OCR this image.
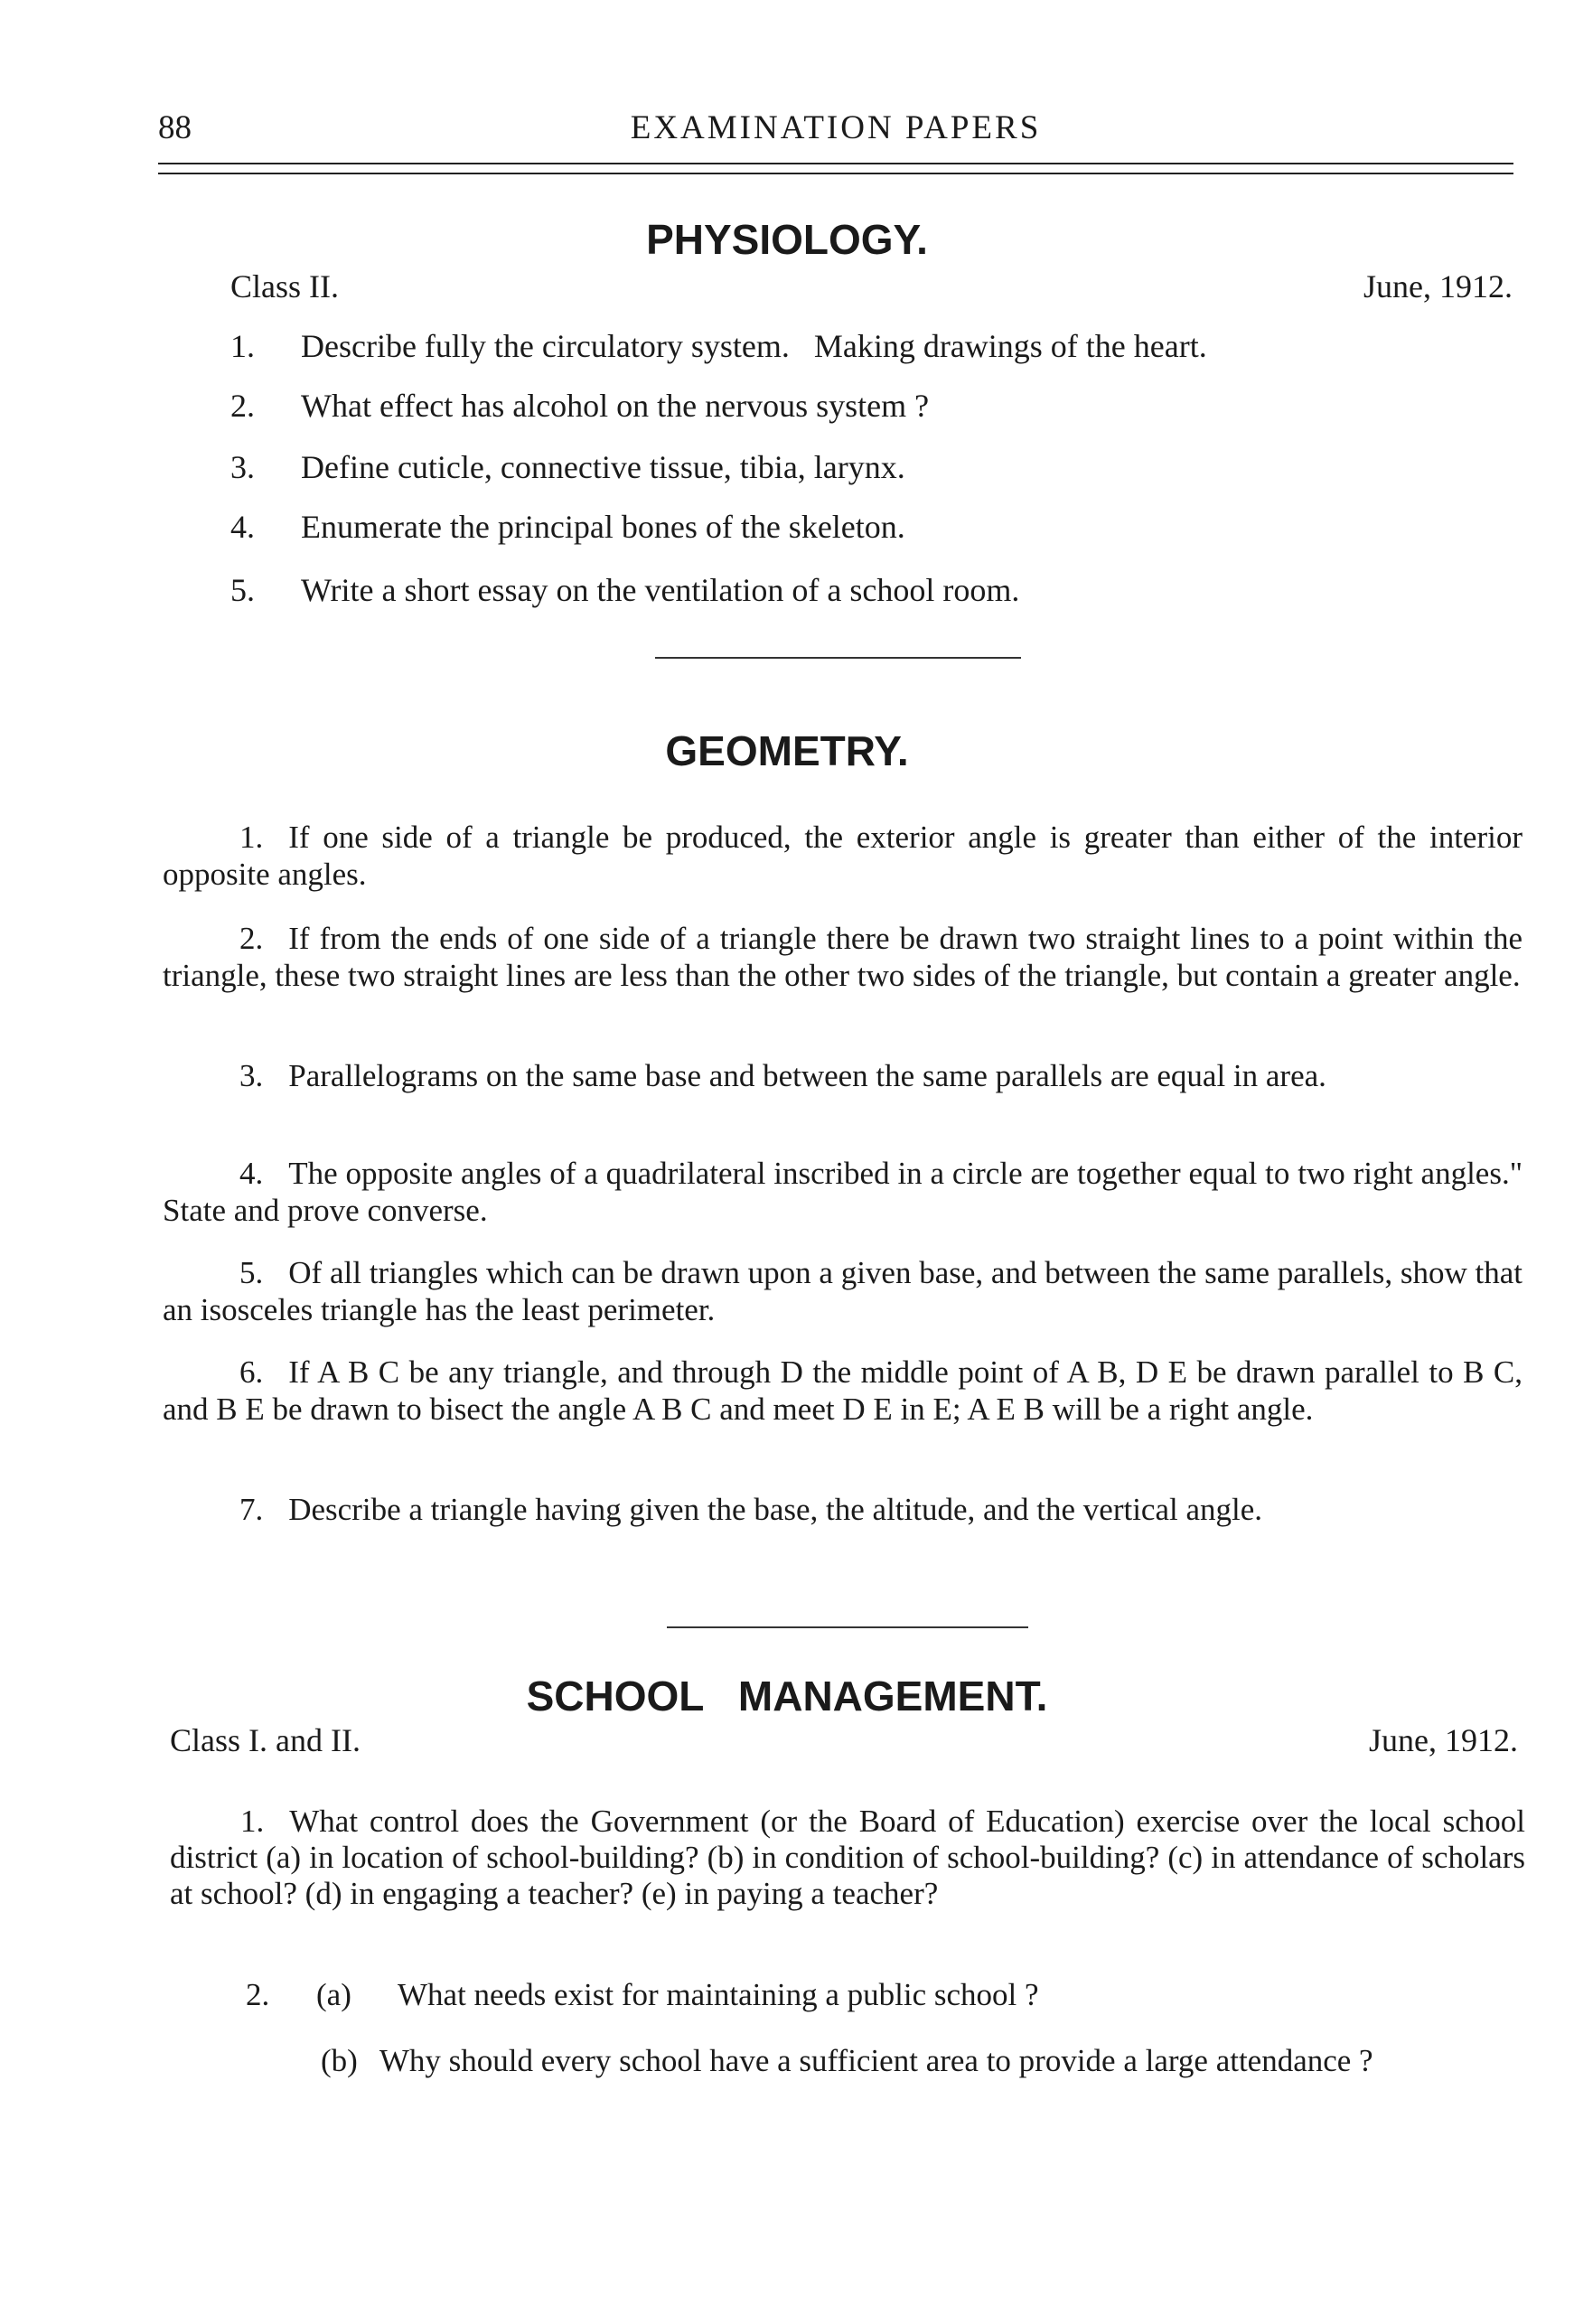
88	EXAMINATION PAPERS
PHYSIOLOGY.
Class II.	June, 1912.
1. Describe fully the circulatory system.   Making drawings of the heart.
2. What effect has alcohol on the nervous system ?
3. Define cuticle, connective tissue, tibia, larynx.
4. Enumerate the principal bones of the skeleton.
5. Write a short essay on the ventilation of a school room.
GEOMETRY.
1. If one side of a triangle be produced, the exterior angle is greater than either of the interior opposite angles.
2. If from the ends of one side of a triangle there be drawn two straight lines to a point within the triangle, these two straight lines are less than the other two sides of the triangle, but contain a greater angle.
3. Parallelograms on the same base and between the same parallels are equal in area.
4. The opposite angles of a quadrilateral inscribed in a circle are together equal to two right angles."  State and prove converse.
5. Of all triangles which can be drawn upon a given base, and between the same parallels, show that an isosceles triangle has the least perimeter.
6. If A B C be any triangle, and through D the middle point of A B, D E be drawn parallel to B C, and B E be drawn to bisect the angle A B C and meet D E in E; A E B will be a right angle.
7. Describe a triangle having given the base, the altitude, and the vertical angle.
SCHOOL   MANAGEMENT.
Class I. and II.	June, 1912.
1. What control does the Government (or the Board of Education) exercise over the local school district (a) in location of school-building? (b) in condition of school-building? (c) in attendance of scholars at school? (d) in engaging a teacher? (e) in paying a teacher?
2. (a) What needs exist for maintaining a public school ?
(b) Why should every school have a sufficient area to provide a large attendance ?
